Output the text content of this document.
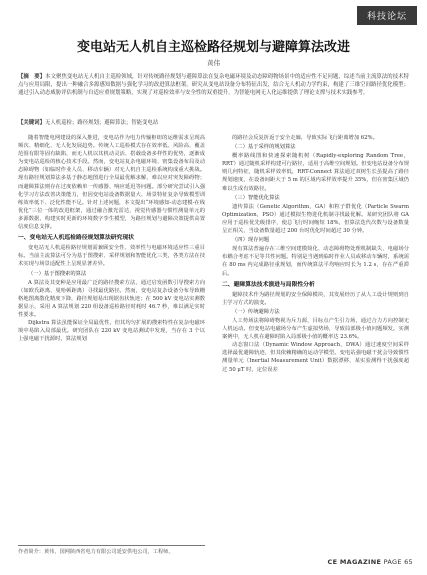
科技论坛
变电站无人机自主巡检路径规划与避障算法改进
黄伟
【摘　要】本文聚焦变电站无人机自主巡检领域，针对传统路径规划与避障算法在复杂电磁环境及动态障碍物场景中的适应性不足问题，综述当前主流算法的技术特点与应用局限，提出一种融合多源感知数据与强化学习的改进算法框架。研究从变电站设备分布特征出发，结合无人机动力学约束，构建了三维空间路径优化模型；通过引入动态威胁评估机制与自适应重规划策略，实现了对巡检效率与安全性的双重提升。为智能电网无人化运维提供了理论支撑与技术实践参考。
【关键词】无人机巡检；路径规划；避障算法；智能变电站
随着智能电网建设的深入推进，变电站作为电力传输枢纽的运维需求呈现高频次、精细化、无人化发展趋势。传统人工巡检模式存在效率低、风险高、覆盖范围有限等固有缺陷，而无人机以其机动灵活、搭载设备多样性的优势，逐渐成为变电站巡检的核心技术手段。然而，变电站复杂电磁环境、密集设备布局及动态障碍物（如临时作业人员、移动车辆）对无人机自主巡检系统构成重大挑战。现有路径规划算法多基于静态地图进行全局最优解求解，难以应对突发障碍物；而避障算法则存在过度依赖单一传感器、响应延迟等问题。部分研究尝试引入强化学习方法改善决策能力，但因变电站设备数据量大、场景特征复杂导致模型训练效率低下、泛化性能不足。针对上述问题，本文提出“环境感知-动态建模-在线优化”三位一体的改进框架，通过融合激光雷达、视觉传感器与惯性测量单元的多源数据，构建实时更新的环境数字孪生模型，为路径规划与避障决策提供高置信度信息支撑。
一、变电站无人机巡检路径规划算法研究现状
变电站无人机巡检路径规划需兼顾安全性、效率性与电磁环境适应性三重目标。当前主流算法可分为基于图搜索、采样规划和智能优化三类，各类方法在技术实现与场景适配性上呈现显著差异。
（一）基于图搜索的算法
A 算法及其变种是应用最广泛的路径搜索方法，通过启发函数引导搜索方向（如欧氏距离、曼哈顿距离）寻找最优路径。然而，变电站复杂设备分布导致栅格地图离散化精度下降，路径规划易出现锯齿状轨迹；在 500 kV 变电站实测数据显示，采用 A 算法规划 220 组设备巡检路径时耗时 46.7 秒，难以满足实时性要求。
Dijkstra 算法虽能保证全局最优性，但其均匀扩展的搜索特性在复杂电磁环境中易陷入局部最优。研究团队在 220 kV 变电站测试中发现，当存在 3 个以上强电磁干扰源时，算法规划
的路径会反复折返于安全走廊，导致实际飞行距离增加 62%。
（二）基于采样的规划算法
概率路线图和快速探索随机树（Rapidly-exploring Random Tree，RRT）通过随机采样构建可行路径，适用于高维空间规划。但变电站设备分布规则几何特征，随机采样效率低，RRT-Connect 算法通过双树生长虽提高了路径规划速度，在设备间距大于 5 m 的区域内采样效率提升 35%，但在密集区域仍难以生成有效路径。
（三）智能优化算法
遗传算法（Genetic Algorithm，GA）和粒子群优化（Particle Swarm Optimization，PSO）通过模拟生物进化机制寻找最优解。某研究团队将 GA 应用于巡检优先级排序，使总飞行时间缩短 18%，但算法迭代次数与设备数量呈正相关，当设备数量超过 200 台时优化时间超过 30 分钟。
（四）现存问题
现有算法普遍存在三维空间建模简化、动态障碍物处理机制缺失、电磁场分布耦合考虑不足等共性问题。特别是当遇到临时作业人员或移动车辆时，系统需在 80 ms 内完成路径重规划，而传统算法平均响应时长为 1.2 s，存在严重滞后。
二、避障算法技术演进与局限性分析
避障技术作为路径规划的安全保障模块，其发展经历了从人工设计规则到自主学习方式的演变。
（一）传统避障方法
人工势场法将障碍物视为斥力源，目标点产生引力场，通过合力方向控制无人机运动。但变电站电磁场分布产生虚拟势场，导致局部极小值问题频发。实测案例中，无人机在避障时陷入局部极小值的概率达 23.6%。
动态窗口法（Dynamic Window Approach，DWA）通过速度空间采样选择最优避障轨迹，但其依赖精确的运动学模型。变电站强电磁干扰会导致惯性测量单元（Inertial Measurement Unit）数据漂移，某实验测得干扰强度超过 50 μT 时，定位误差
作者简介：黄伟，国网陕西省电力有限公司延安供电公司，工程师。
CE MAGAZINE PAGE 65
